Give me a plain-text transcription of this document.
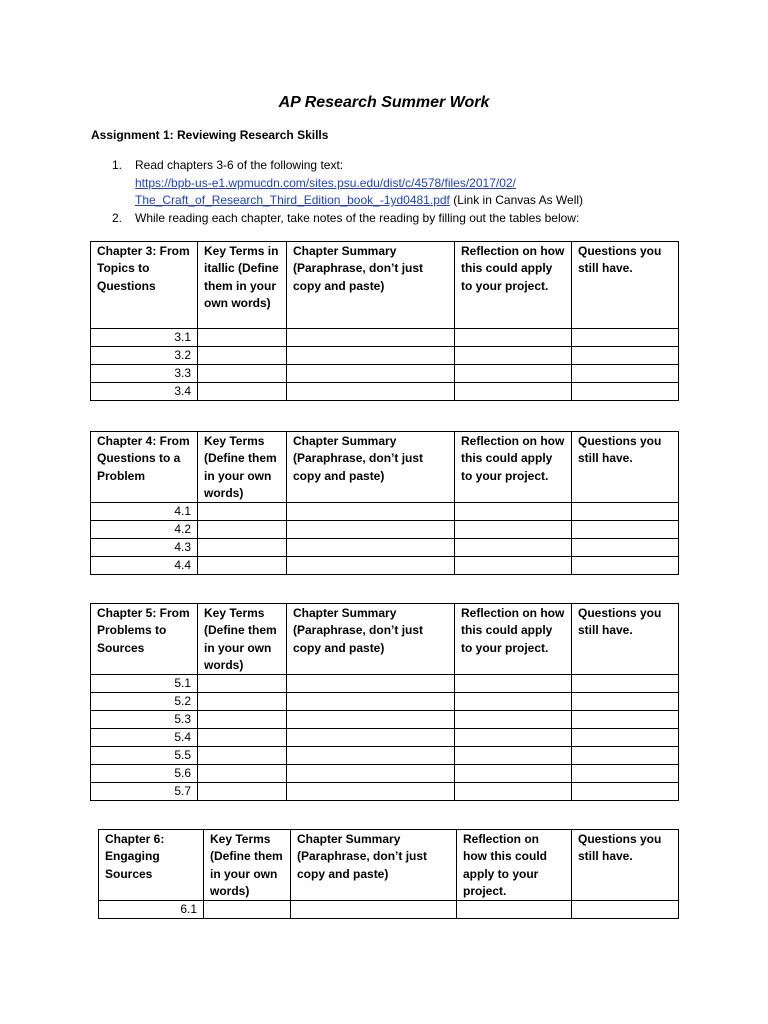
AP Research Summer Work
Assignment 1: Reviewing Research Skills
1.	Read chapters 3-6 of the following text:
https://bpb-us-e1.wpmucdn.com/sites.psu.edu/dist/c/4578/files/2017/02/
The_Craft_of_Research_Third_Edition_book_-1yd0481.pdf (Link in Canvas As Well)
2.	While reading each chapter, take notes of the reading by filling out the tables below:
Chapter 3: From Topics to Questions	Key Terms in itallic (Define them in your own words)	Chapter Summary (Paraphrase, don’t just copy and paste)	Reflection on how this could apply to your project.	Questions you still have.
3.1				
3.2				
3.3				
3.4				
Chapter 4: From Questions to a Problem	Key Terms (Define them in your own words)	Chapter Summary (Paraphrase, don’t just copy and paste)	Reflection on how this could apply to your project.	Questions you still have.
4.1				
4.2				
4.3				
4.4				
Chapter 5: From Problems to Sources	Key Terms (Define them in your own words)	Chapter Summary (Paraphrase, don’t just copy and paste)	Reflection on how this could apply to your project.	Questions you still have.
5.1				
5.2				
5.3				
5.4				
5.5				
5.6				
5.7				
Chapter 6: Engaging Sources	Key Terms (Define them in your own words)	Chapter Summary (Paraphrase, don’t just copy and paste)	Reflection on how this could apply to your project.	Questions you still have.
6.1				
